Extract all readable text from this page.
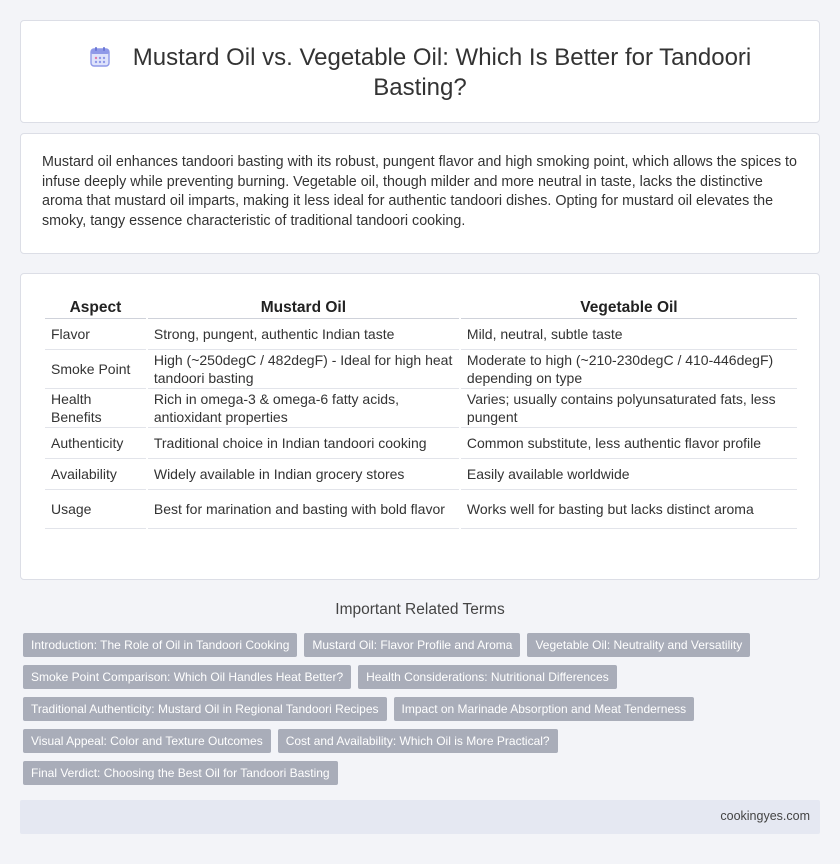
Mustard Oil vs. Vegetable Oil: Which Is Better for Tandoori Basting?

Mustard oil enhances tandoori basting with its robust, pungent flavor and high smoking point, which allows the spices to infuse deeply while preventing burning. Vegetable oil, though milder and more neutral in taste, lacks the distinctive aroma that mustard oil imparts, making it less ideal for authentic tandoori dishes. Opting for mustard oil elevates the smoky, tangy essence characteristic of traditional tandoori cooking.

Aspect	Mustard Oil	Vegetable Oil
Flavor	Strong, pungent, authentic Indian taste	Mild, neutral, subtle taste
Smoke Point	High (~250degC / 482degF) - Ideal for high heat tandoori basting	Moderate to high (~210-230degC / 410-446degF) depending on type
Health Benefits	Rich in omega-3 & omega-6 fatty acids, antioxidant properties	Varies; usually contains polyunsaturated fats, less pungent
Authenticity	Traditional choice in Indian tandoori cooking	Common substitute, less authentic flavor profile
Availability	Widely available in Indian grocery stores	Easily available worldwide
Usage	Best for marination and basting with bold flavor	Works well for basting but lacks distinct aroma
Important Related Terms
Introduction: The Role of Oil in Tandoori Cooking	Mustard Oil: Flavor Profile and Aroma	Vegetable Oil: Neutrality and Versatility
Smoke Point Comparison: Which Oil Handles Heat Better?	Health Considerations: Nutritional Differences
Traditional Authenticity: Mustard Oil in Regional Tandoori Recipes	Impact on Marinade Absorption and Meat Tenderness
Visual Appeal: Color and Texture Outcomes	Cost and Availability: Which Oil is More Practical?
Final Verdict: Choosing the Best Oil for Tandoori Basting
cookingyes.com
